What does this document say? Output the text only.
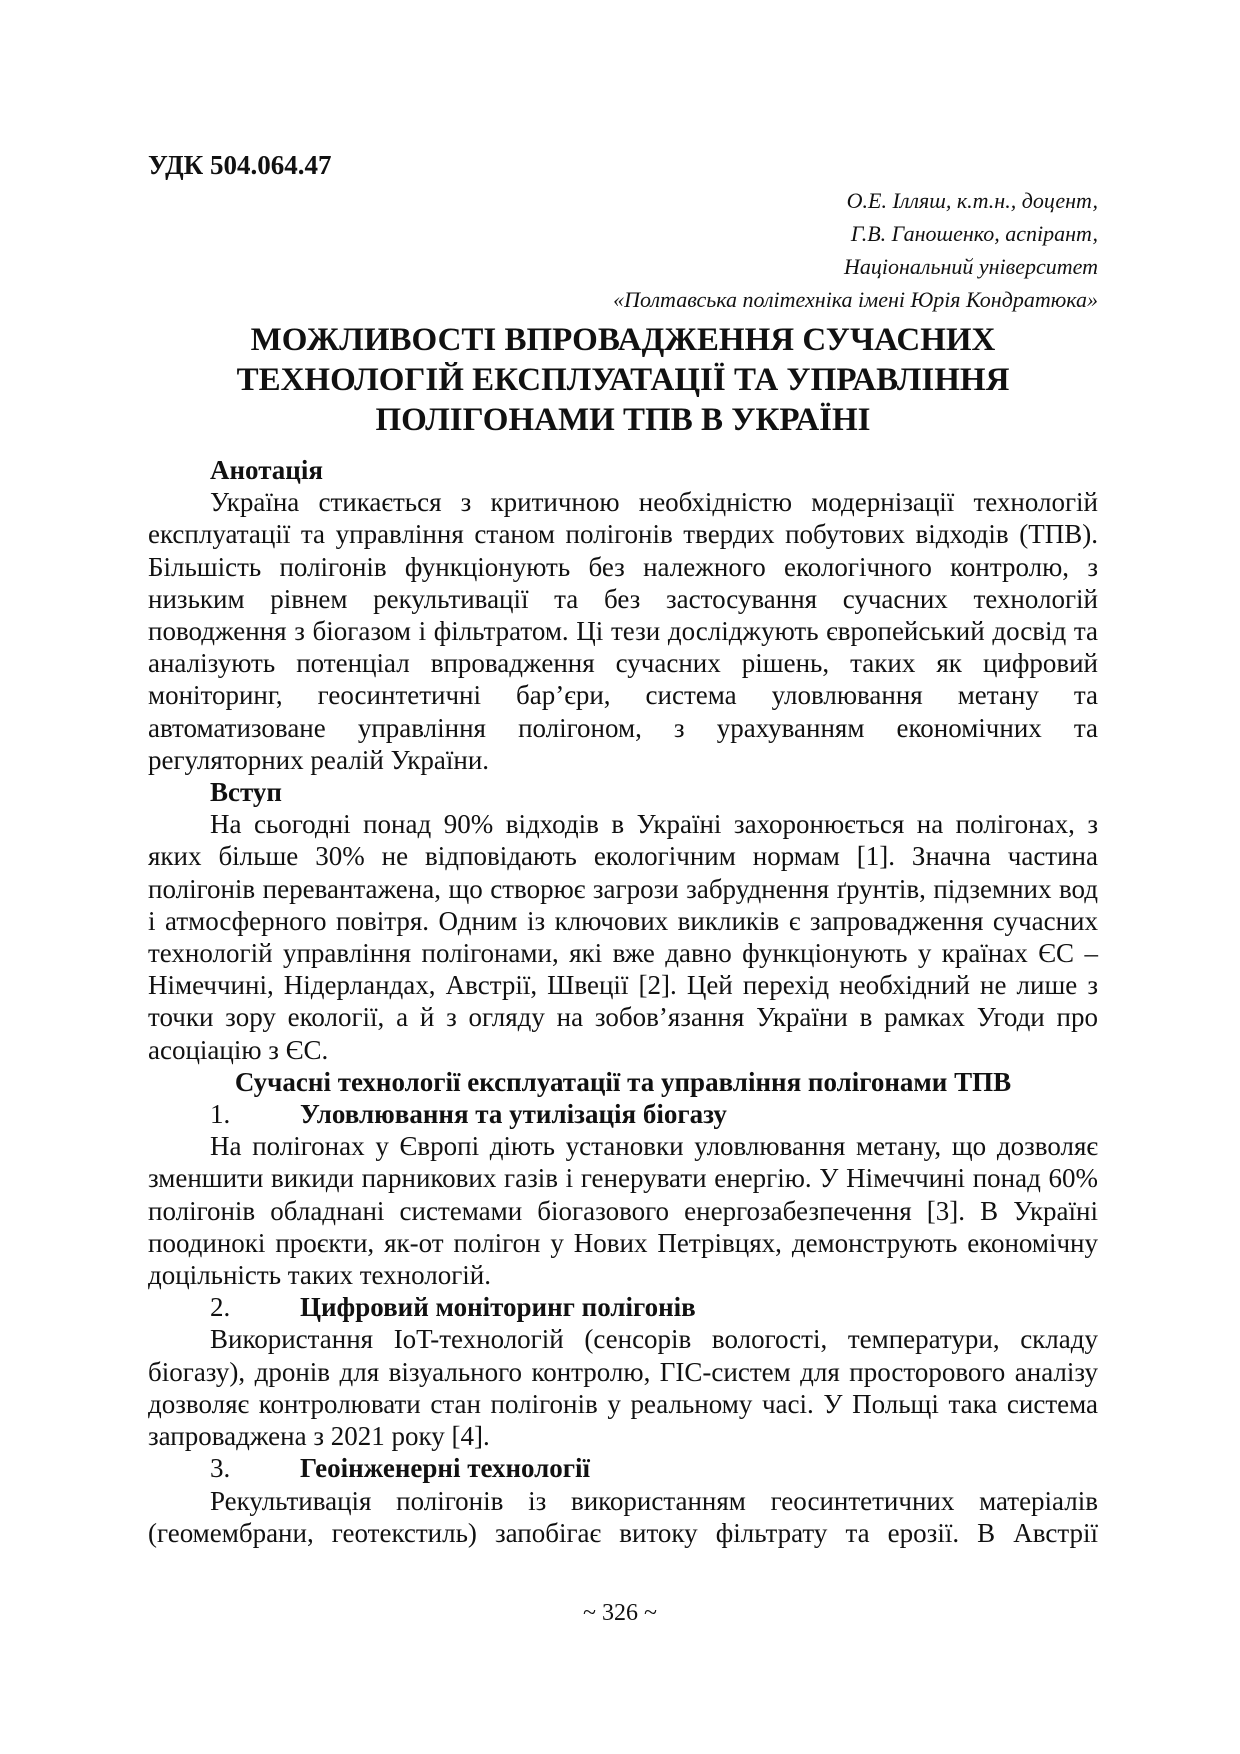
УДК 504.064.47
О.Е. Ілляш, к.т.н., доцент,
Г.В. Ганошенко, аспірант,
Національний університет
«Полтавська політехніка імені Юрія Кондратюка»
МОЖЛИВОСТІ ВПРОВАДЖЕННЯ СУЧАСНИХ
ТЕХНОЛОГІЙ ЕКСПЛУАТАЦІЇ ТА УПРАВЛІННЯ
ПОЛІГОНАМИ ТПВ В УКРАЇНІ
Анотація
Україна стикається з критичною необхідністю модернізації технологій експлуатації та управління станом полігонів твердих побутових відходів (ТПВ). Більшість полігонів функціонують без належного екологічного контролю, з низьким рівнем рекультивації та без застосування сучасних технологій поводження з біогазом і фільтратом. Ці тези досліджують європейський досвід та аналізують потенціал впровадження сучасних рішень, таких як цифровий моніторинг, геосинтетичні бар’єри, система уловлювання метану та автоматизоване управління полігоном, з урахуванням економічних та регуляторних реалій України.
Вступ
На сьогодні понад 90% відходів в Україні захоронюється на полігонах, з яких більше 30% не відповідають екологічним нормам [1]. Значна частина полігонів перевантажена, що створює загрози забруднення ґрунтів, підземних вод і атмосферного повітря. Одним із ключових викликів є запровадження сучасних технологій управління полігонами, які вже давно функціонують у країнах ЄС – Німеччині, Нідерландах, Австрії, Швеції [2]. Цей перехід необхідний не лише з точки зору екології, а й з огляду на зобов’язання України в рамках Угоди про асоціацію з ЄС.
Сучасні технології експлуатації та управління полігонами ТПВ
1.	Уловлювання та утилізація біогазу
На полігонах у Європі діють установки уловлювання метану, що дозволяє зменшити викиди парникових газів і генерувати енергію. У Німеччині понад 60% полігонів обладнані системами біогазового енергозабезпечення [3]. В Україні поодинокі проєкти, як-от полігон у Нових Петрівцях, демонструють економічну доцільність таких технологій.
2.	Цифровий моніторинг полігонів
Використання IoT-технологій (сенсорів вологості, температури, складу біогазу), дронів для візуального контролю, ГІС-систем для просторового аналізу дозволяє контролювати стан полігонів у реальному часі. У Польщі така система запроваджена з 2021 року [4].
3.	Геоінженерні технології
Рекультивація полігонів із використанням геосинтетичних матеріалів (геомембрани, геотекстиль) запобігає витоку фільтрату та ерозії. В Австрії
~ 326 ~
